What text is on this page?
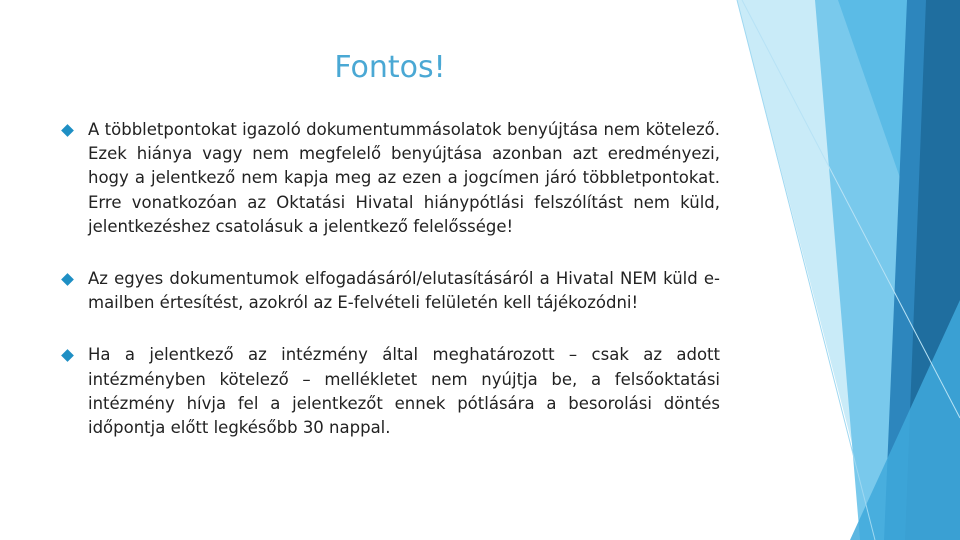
Fontos!
A többletpontokat igazoló dokumentummásolatok benyújtása nem kötelező. Ezek hiánya vagy nem megfelelő benyújtása azonban azt eredményezi, hogy a jelentkező nem kapja meg az ezen a jogcímen járó többletpontokat. Erre vonatkozóan az Oktatási Hivatal hiánypótlási felszólítást nem küld, jelentkezéshez csatolásuk a jelentkező felelőssége!
Az egyes dokumentumok elfogadásáról/elutasításáról a Hivatal NEM küld e-mailben értesítést, azokról az E-felvételi felületén kell tájékozódni!
Ha a jelentkező az intézmény által meghatározott – csak az adott intézményben kötelező – mellékletet nem nyújtja be, a felsőoktatási intézmény hívja fel a jelentkezőt ennek pótlására a besorolási döntés időpontja előtt legkésőbb 30 nappal.
